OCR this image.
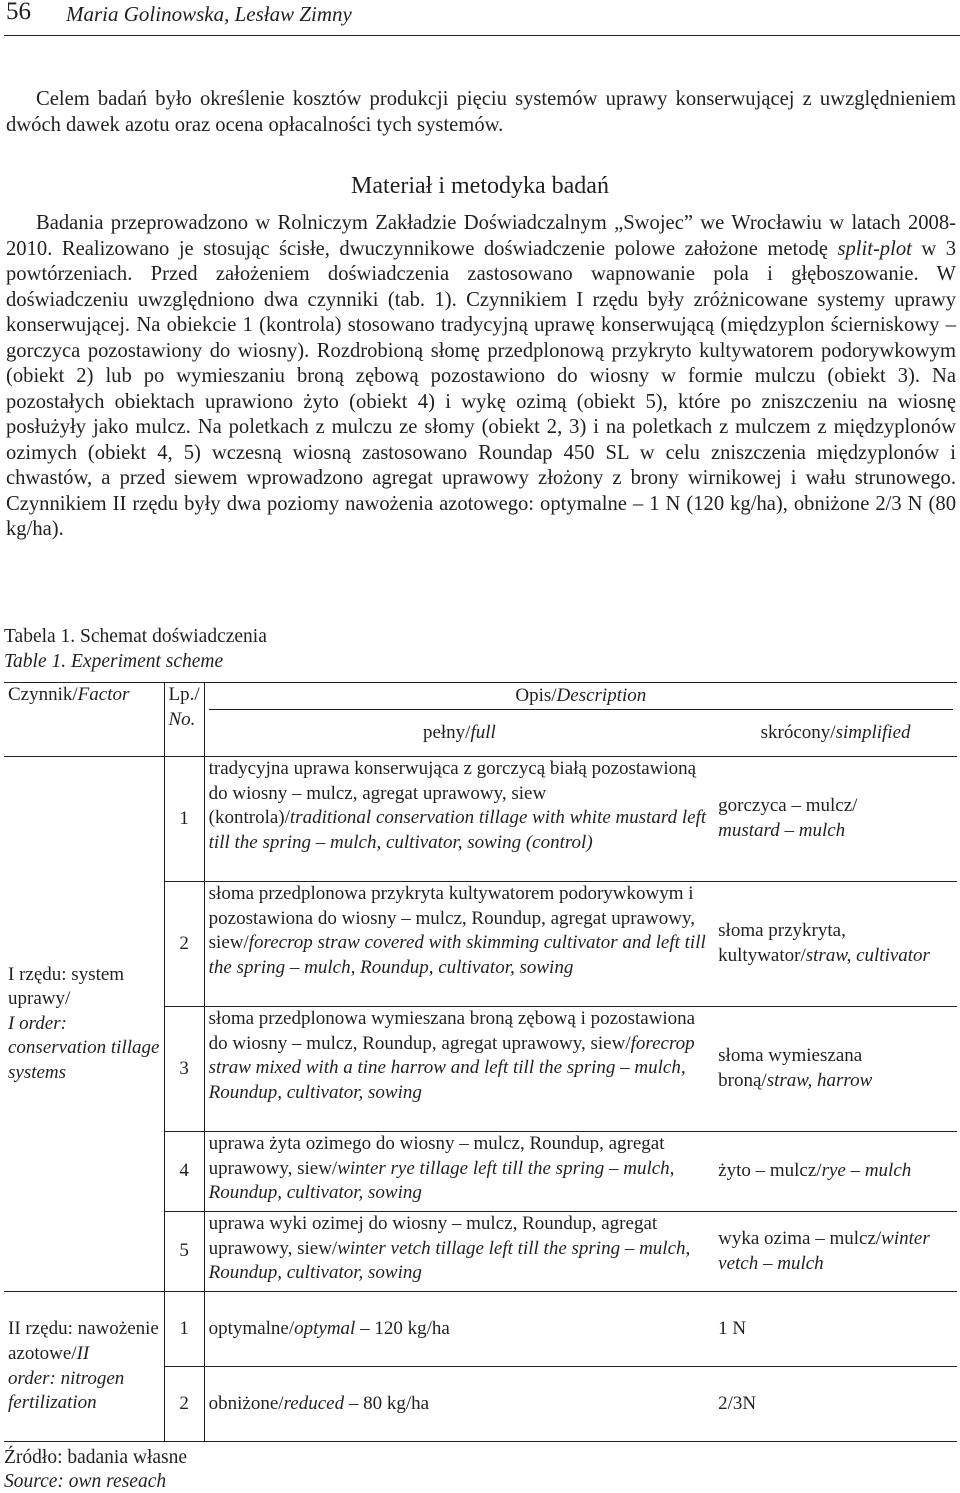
56 Maria Golinowska, Lesław Zimny

Celem badań było określenie kosztów produkcji pięciu systemów uprawy konserwującej z uwzględnieniem dwóch dawek azotu oraz ocena opłacalności tych systemów.

Materiał i metodyka badań

Badania przeprowadzono w Rolniczym Zakładzie Doświadczalnym „Swojec” we Wrocławiu w latach 2008-2010. Realizowano je stosując ścisłe, dwuczynnikowe doświadczenie polowe założone metodę split-plot w 3 powtórzeniach. Przed założeniem doświadczenia zastosowano wapnowanie pola i głęboszowanie. W doświadczeniu uwzględniono dwa czynniki (tab. 1). Czynnikiem I rzędu były zróżnicowane systemy uprawy konserwującej. Na obiekcie 1 (kontrola) stosowano tradycyjną uprawę konserwującą (międzyplon ścierniskowy – gorczyca pozostawiony do wiosny). Rozdrobioną słomę przedplonową przykryto kultywatorem podorywkowym (obiekt 2) lub po wymieszaniu broną zębową pozostawiono do wiosny w formie mulczu (obiekt 3). Na pozostałych obiektach uprawiono żyto (obiekt 4) i wykę ozimą (obiekt 5), które po zniszczeniu na wiosnę posłużyły jako mulcz. Na poletkach z mulczu ze słomy (obiekt 2, 3) i na poletkach z mulczem z międzyplonów ozimych (obiekt 4, 5) wczesną wiosną zastosowano Roundap 450 SL w celu zniszczenia międzyplonów i chwastów, a przed siewem wprowadzono agregat uprawowy złożony z brony wirnikowej i wału strunowego. Czynnikiem II rzędu były dwa poziomy nawożenia azotowego: optymalne – 1 N (120 kg/ha), obniżone 2/3 N (80 kg/ha).

Tabela 1. Schemat doświadczenia
Table 1. Experiment scheme
Czynnik/Factor	Lp./
No.	Opis/Description	
		pełny/full	skrócony/simplified
I rzędu: system uprawy/
I order: conservation tillage systems	1	tradycyjna uprawa konserwująca z gorczycą białą pozostawioną do wiosny – mulcz, agregat uprawowy, siew (kontrola)/traditional conservation tillage with white mustard left till the spring – mulch, cultivator, sowing (control)	gorczyca – mulcz/
mustard – mulch
	2	słoma przedplonowa przykryta kultywatorem podorywkowym i pozostawiona do wiosny – mulcz, Roundup, agregat uprawowy, siew/forecrop straw covered with skimming cultivator and left till the spring – mulch, Roundup, cultivator, sowing	słoma przykryta, kultywator/straw, cultivator
	3	słoma przedplonowa wymieszana broną zębową i pozostawiona do wiosny – mulcz, Roundup, agregat uprawowy, siew/forecrop straw mixed with a tine harrow and left till the spring – mulch, Roundup, cultivator, sowing	słoma wymieszana broną/straw, harrow
	4	uprawa żyta ozimego do wiosny – mulcz, Roundup, agregat uprawowy, siew/winter rye tillage left till the spring – mulch, Roundup, cultivator, sowing	żyto – mulcz/rye – mulch
	5	uprawa wyki ozimej do wiosny – mulcz, Roundup, agregat uprawowy, siew/winter vetch tillage left till the spring – mulch, Roundup, cultivator, sowing	wyka ozima – mulcz/winter vetch – mulch
II rzędu: nawożenie azotowe/II
order: nitrogen fertilization	1	optymalne/optymal – 120 kg/ha	1 N
	2	obniżone/reduced – 80 kg/ha	2/3N
Źródło: badania własne
Source: own reseach
